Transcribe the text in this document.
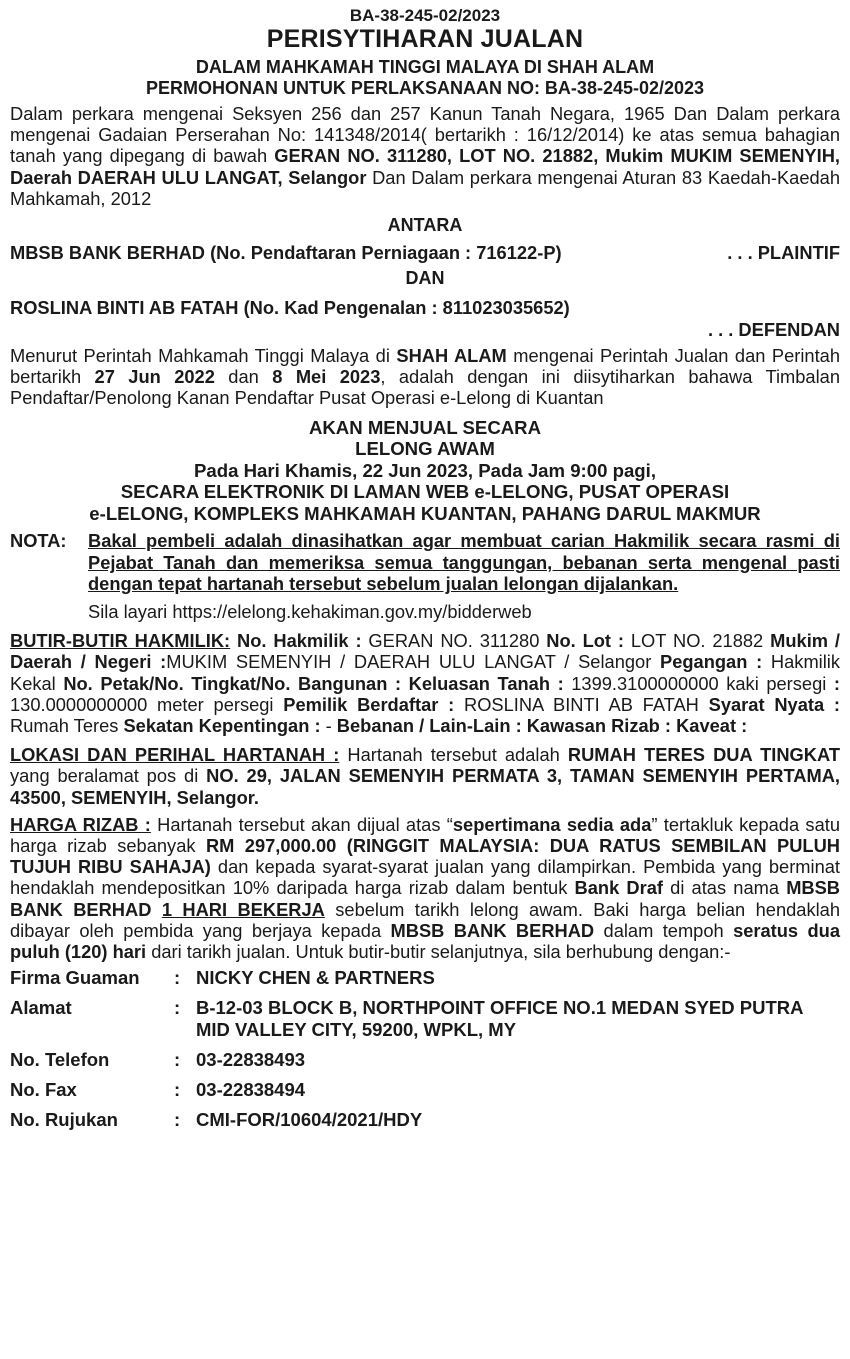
BA-38-245-02/2023
PERISYTIHARAN JUALAN
DALAM MAHKAMAH TINGGI MALAYA DI SHAH ALAM
PERMOHONAN UNTUK PERLAKSANAAN NO: BA-38-245-02/2023

Dalam perkara mengenai Seksyen 256 dan 257 Kanun Tanah Negara, 1965 Dan Dalam perkara mengenai Gadaian Perserahan No: 141348/2014( bertarikh : 16/12/2014) ke atas semua bahagian tanah yang dipegang di bawah GERAN NO. 311280, LOT NO. 21882, Mukim MUKIM SEMENYIH, Daerah DAERAH ULU LANGAT, Selangor Dan Dalam perkara mengenai Aturan 83 Kaedah-Kaedah Mahkamah, 2012

ANTARA
MBSB BANK BERHAD (No. Pendaftaran Perniagaan : 716122-P)	. . . PLAINTIF
DAN
ROSLINA BINTI AB FATAH (No. Kad Pengenalan : 811023035652)
. . . DEFENDAN

Menurut Perintah Mahkamah Tinggi Malaya di SHAH ALAM mengenai Perintah Jualan dan Perintah bertarikh 27 Jun 2022 dan 8 Mei 2023, adalah dengan ini diisytiharkan bahawa Timbalan Pendaftar/Penolong Kanan Pendaftar Pusat Operasi e-Lelong di Kuantan

AKAN MENJUAL SECARA
LELONG AWAM
Pada Hari Khamis, 22 Jun 2023, Pada Jam 9:00 pagi,
SECARA ELEKTRONIK DI LAMAN WEB e-LELONG, PUSAT OPERASI
e-LELONG, KOMPLEKS MAHKAMAH KUANTAN, PAHANG DARUL MAKMUR
NOTA:	Bakal pembeli adalah dinasihatkan agar membuat carian Hakmilik secara rasmi di Pejabat Tanah dan memeriksa semua tanggungan, bebanan serta mengenal pasti dengan tepat hartanah tersebut sebelum jualan lelongan dijalankan.

Sila layari https://elelong.kehakiman.gov.my/bidderweb

BUTIR-BUTIR HAKMILIK: No. Hakmilik : GERAN NO. 311280 No. Lot : LOT NO. 21882 Mukim / Daerah / Negeri :MUKIM SEMENYIH / DAERAH ULU LANGAT / Selangor Pegangan : Hakmilik Kekal No. Petak/No. Tingkat/No. Bangunan : Keluasan Tanah : 1399.3100000000 kaki persegi : 130.0000000000 meter persegi Pemilik Berdaftar : ROSLINA BINTI AB FATAH Syarat Nyata : Rumah Teres Sekatan Kepentingan : - Bebanan / Lain-Lain : Kawasan Rizab : Kaveat :

LOKASI DAN PERIHAL HARTANAH : Hartanah tersebut adalah RUMAH TERES DUA TINGKAT yang beralamat pos di NO. 29, JALAN SEMENYIH PERMATA 3, TAMAN SEMENYIH PERTAMA, 43500, SEMENYIH, Selangor.

HARGA RIZAB : Hartanah tersebut akan dijual atas “sepertimana sedia ada” tertakluk kepada satu harga rizab sebanyak RM 297,000.00 (RINGGIT MALAYSIA: DUA RATUS SEMBILAN PULUH TUJUH RIBU SAHAJA) dan kepada syarat-syarat jualan yang dilampirkan. Pembida yang berminat hendaklah mendepositkan 10% daripada harga rizab dalam bentuk Bank Draf di atas nama MBSB BANK BERHAD 1 HARI BEKERJA sebelum tarikh lelong awam. Baki harga belian hendaklah dibayar oleh pembida yang berjaya kepada MBSB BANK BERHAD dalam tempoh seratus dua puluh (120) hari dari tarikh jualan. Untuk butir-butir selanjutnya, sila berhubung dengan:-

Firma Guaman	: NICKY CHEN & PARTNERS
Alamat	: B-12-03 BLOCK B, NORTHPOINT OFFICE NO.1 MEDAN SYED PUTRA MID VALLEY CITY, 59200, WPKL, MY
No. Telefon	: 03-22838493
No. Fax	: 03-22838494
No. Rujukan	: CMI-FOR/10604/2021/HDY
